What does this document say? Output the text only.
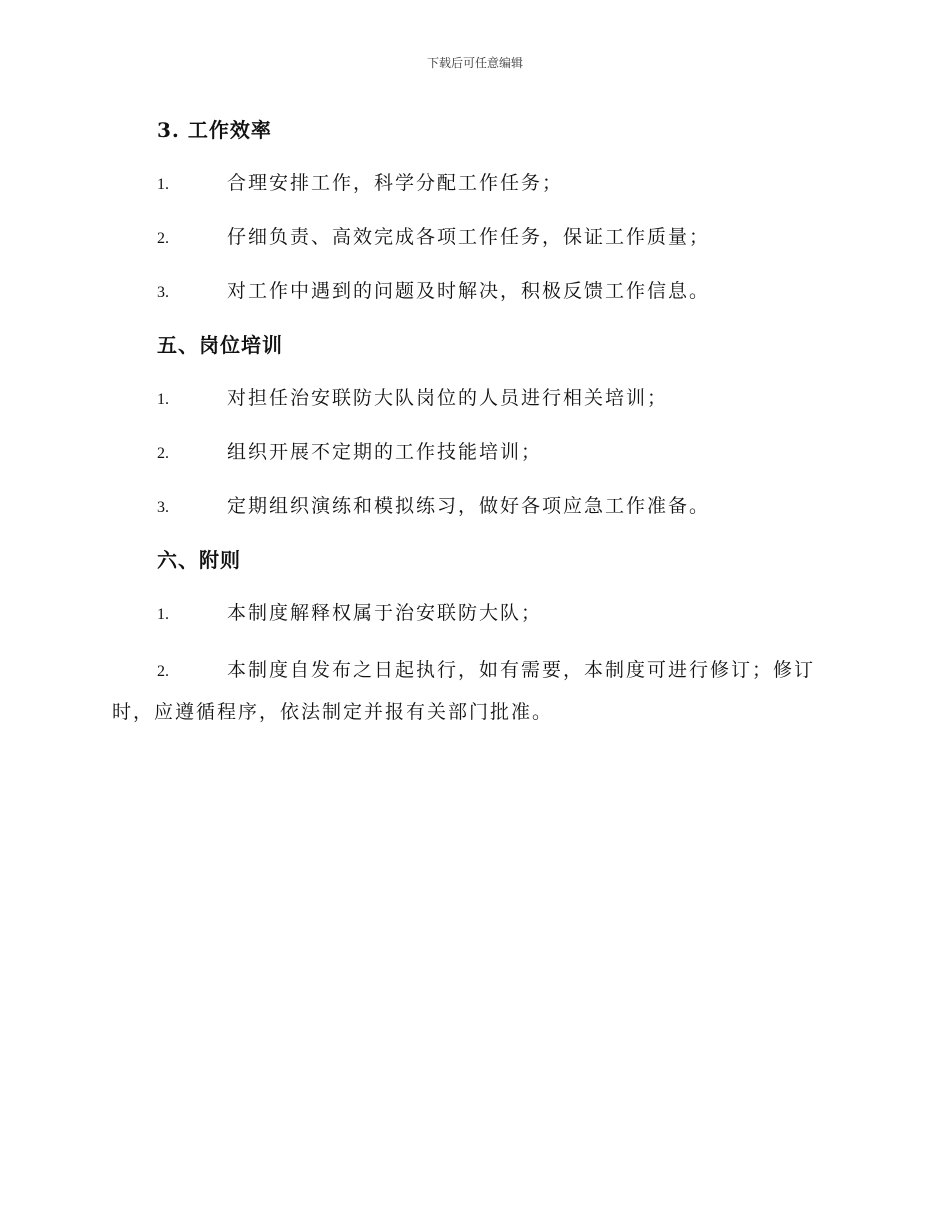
下载后可任意编辑
3. 工作效率
1.	合理安排工作，科学分配工作任务；
2.	仔细负责、高效完成各项工作任务，保证工作质量；
3.	对工作中遇到的问题及时解决，积极反馈工作信息。
五、岗位培训
1.	对担任治安联防大队岗位的人员进行相关培训；
2.	组织开展不定期的工作技能培训；
3.	定期组织演练和模拟练习，做好各项应急工作准备。
六、附则
1.	本制度解释权属于治安联防大队；
2.	本制度自发布之日起执行，如有需要，本制度可进行修订；修订
时，应遵循程序，依法制定并报有关部门批准。
